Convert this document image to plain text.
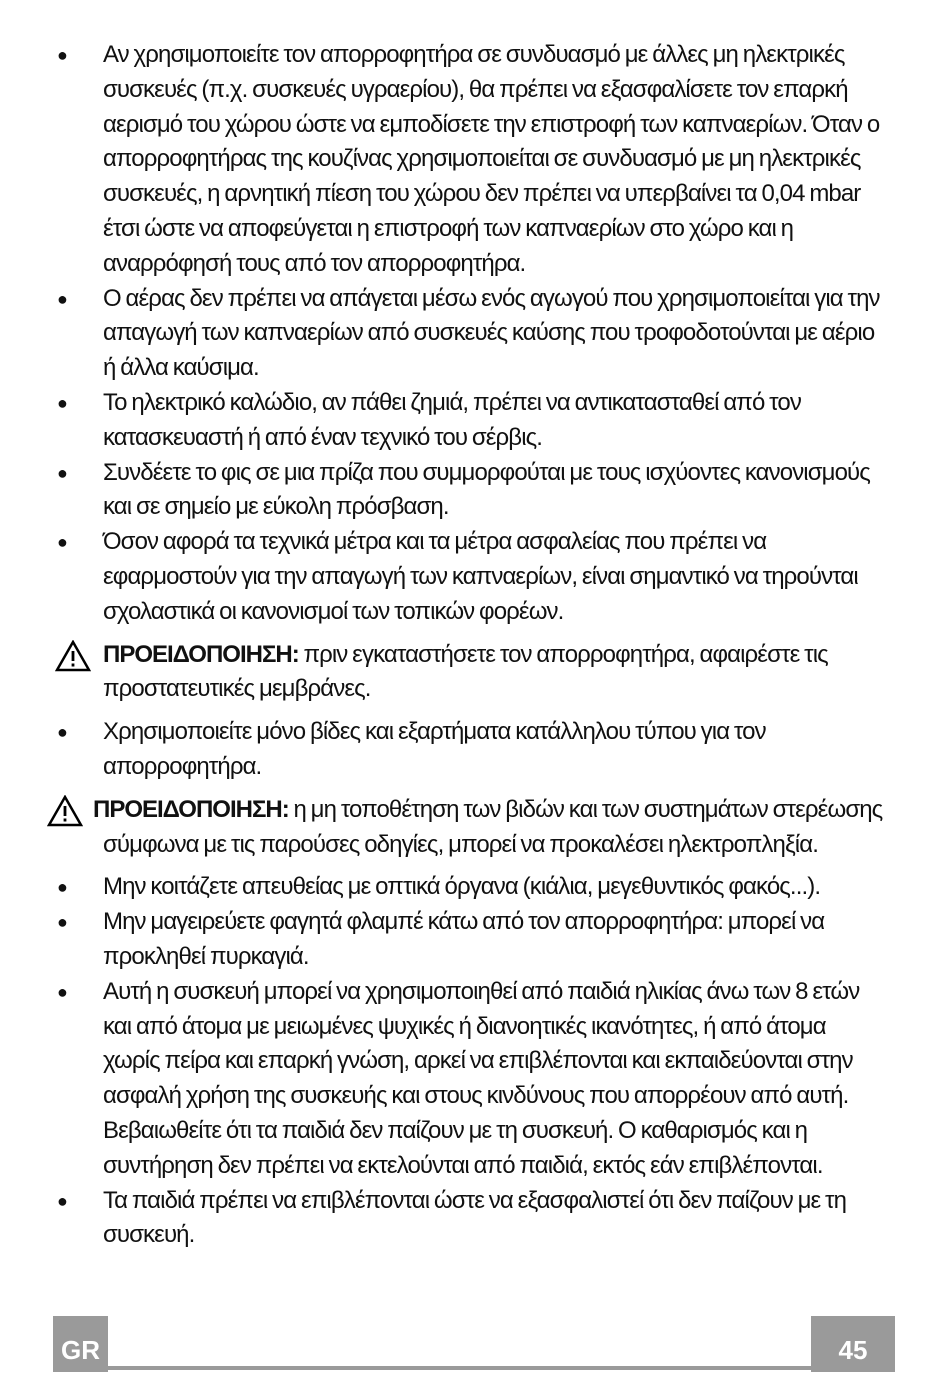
● Αν χρησιμοποιείτε τον απορροφητήρα σε συνδυασμό με άλλες μη ηλεκτρικές συσκευές (π.χ. συσκευές υγραερίου), θα πρέπει να εξασφαλίσετε τον επαρκή αερισμό του χώρου ώστε να εμποδίσετε την επιστροφή των καπναερίων. Όταν ο απορροφητήρας της κουζίνας χρησιμοποιείται σε συνδυασμό με μη ηλεκτρικές συσκευές, η αρνητική πίεση του χώρου δεν πρέπει να υπερβαίνει τα 0,04 mbar έτσι ώστε να αποφεύγεται η επιστροφή των καπναερίων στο χώρο και η αναρρόφησή τους από τον απορροφητήρα.

● Ο αέρας δεν πρέπει να απάγεται μέσω ενός αγωγού που χρησιμοποιείται για την απαγωγή των καπναερίων από συσκευές καύσης που τροφοδοτούνται με αέριο ή άλλα καύσιμα.

● Το ηλεκτρικό καλώδιο, αν πάθει ζημιά, πρέπει να αντικατασταθεί από τον κατασκευαστή ή από έναν τεχνικό του σέρβις.

● Συνδέετε το φις σε μια πρίζα που συμμορφούται με τους ισχύοντες κανονισμούς και σε σημείο με εύκολη πρόσβαση.

● Όσον αφορά τα τεχνικά μέτρα και τα μέτρα ασφαλείας που πρέπει να εφαρμοστούν για την απαγωγή των καπναερίων, είναι σημαντικό να τηρούνται σχολαστικά οι κανονισμοί των τοπικών φορέων.

ΠΡΟΕΙΔΟΠΟΙΗΣΗ: πριν εγκαταστήσετε τον απορροφητήρα, αφαιρέστε τις προστατευτικές μεμβράνες.

● Χρησιμοποιείτε μόνο βίδες και εξαρτήματα κατάλληλου τύπου για τον απορροφητήρα.

ΠΡΟΕΙΔΟΠΟΙΗΣΗ: η μη τοποθέτηση των βιδών και των συστημάτων στερέωσης σύμφωνα με τις παρούσες οδηγίες, μπορεί να προκαλέσει ηλεκτροπληξία.

● Μην κοιτάζετε απευθείας με οπτικά όργανα (κιάλια, μεγεθυντικός φακός...).

● Μην μαγειρεύετε φαγητά φλαμπέ κάτω από τον απορροφητήρα: μπορεί να προκληθεί πυρκαγιά.

● Αυτή η συσκευή μπορεί να χρησιμοποιηθεί από παιδιά ηλικίας άνω των 8 ετών και από άτομα με μειωμένες ψυχικές ή διανοητικές ικανότητες, ή από άτομα χωρίς πείρα και επαρκή γνώση, αρκεί να επιβλέπονται και εκπαιδεύονται στην ασφαλή χρήση της συσκευής και στους κινδύνους που απορρέουν από αυτή. Βεβαιωθείτε ότι τα παιδιά δεν παίζουν με τη συσκευή. Ο καθαρισμός και η συντήρηση δεν πρέπει να εκτελούνται από παιδιά, εκτός εάν επιβλέπονται.

● Τα παιδιά πρέπει να επιβλέπονται ώστε να εξασφαλιστεί ότι δεν παίζουν με τη συσκευή.

GR	45
